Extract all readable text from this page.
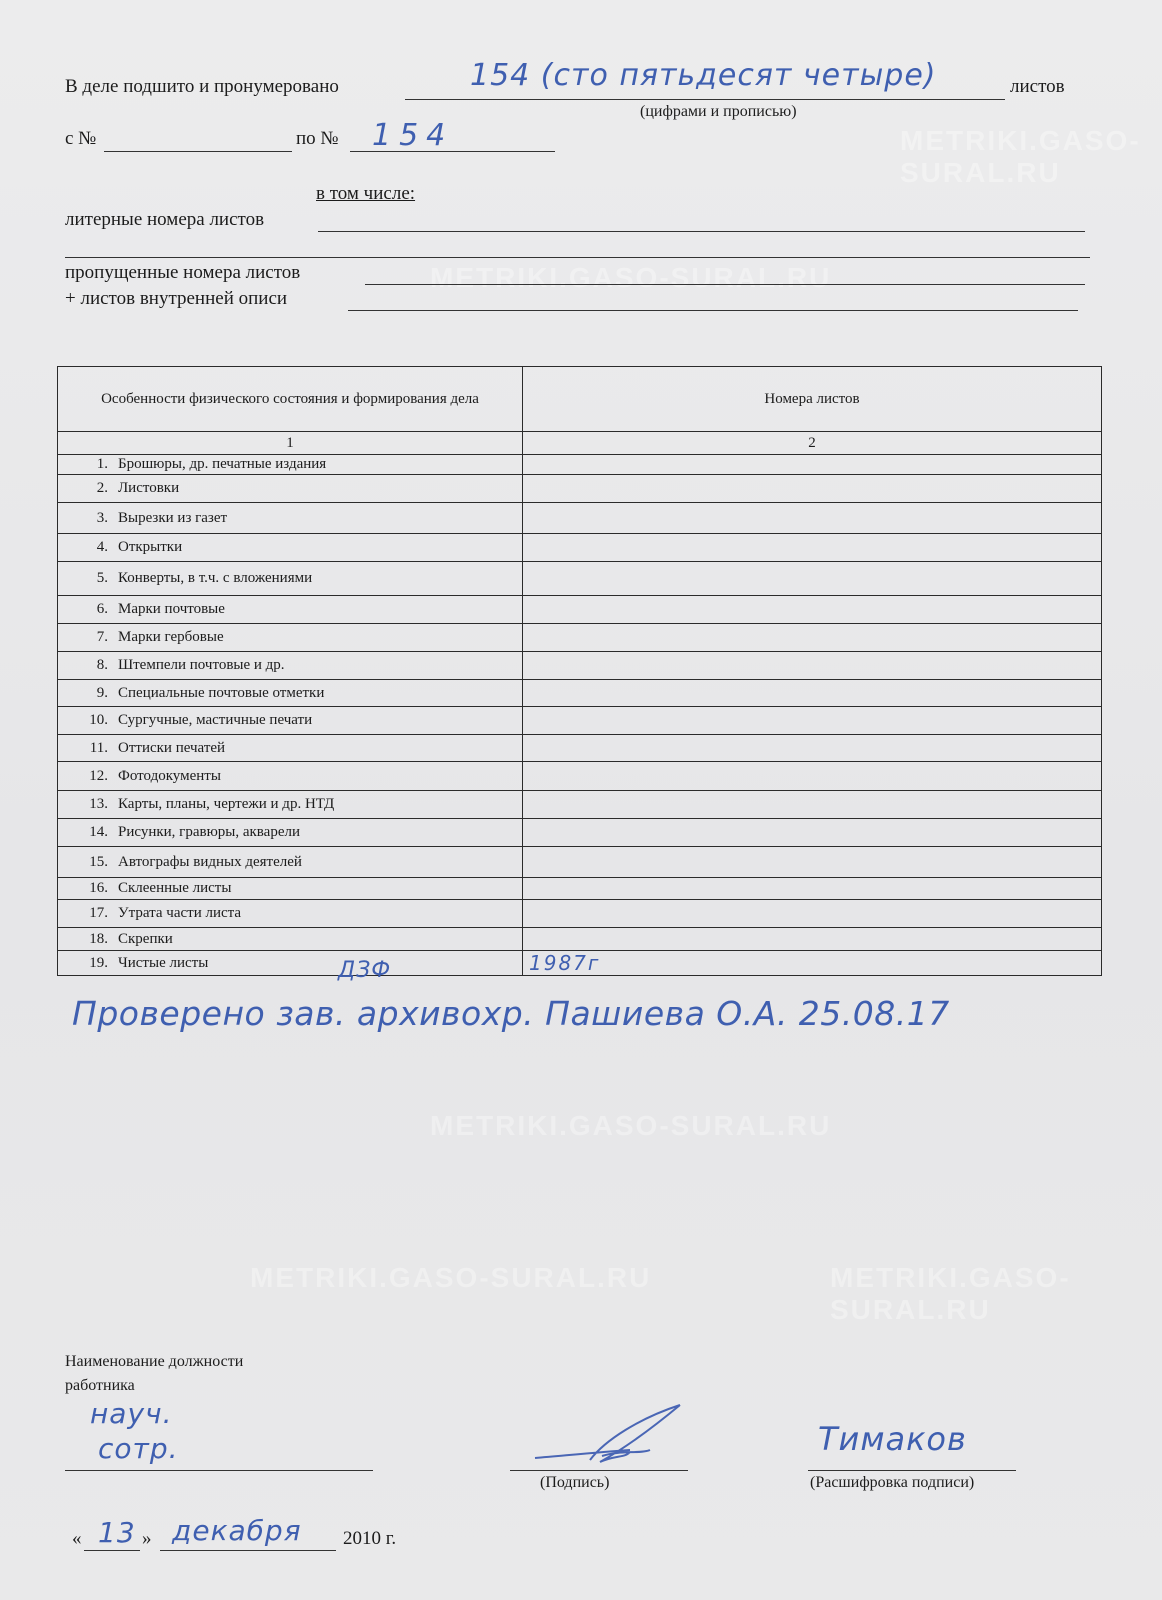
METRIKI.GASO-SURAL.RU
METRIKI.GASO-SURAL.RU
METRIKI.GASO-SURAL.RU
METRIKI.GASO-SURAL.RU	METRIKI.GASO-SURAL.RU
В деле подшито и пронумеровано	154 (сто пятьдесят четыре)	листов
(цифрами и прописью)
с №	по № 154
в том числе:
литерные номера листов
пропущенные номера листов
+ листов внутренней описи
Особенности физического состояния и формирования дела	Номера листов
1	2
1. Брошюры, др. печатные издания	
2. Листовки	
3. Вырезки из газет	
4. Открытки	
5. Конверты, в т.ч. с вложениями	
6. Марки почтовые	
7. Марки гербовые	
8. Штемпели почтовые и др.	
9. Специальные почтовые отметки	
10. Сургучные, мастичные печати	
11. Оттиски печатей	
12. Фотодокументы	
13. Карты, планы, чертежи и др. НТД	
14. Рисунки, гравюры, акварели	
15. Автографы видных деятелей	
16. Склеенные листы	
17. Утрата части листа	
18. Скрепки	
19. Чистые листы	1987г
ДЗФ
Проверено зав. архивохр. Пашиева О.А. 25.08.17
Наименование должности работника
науч.
сотр.
(Подпись)
Тимаков
(Расшифровка подписи)
« 13 » декабря 2010 г.
